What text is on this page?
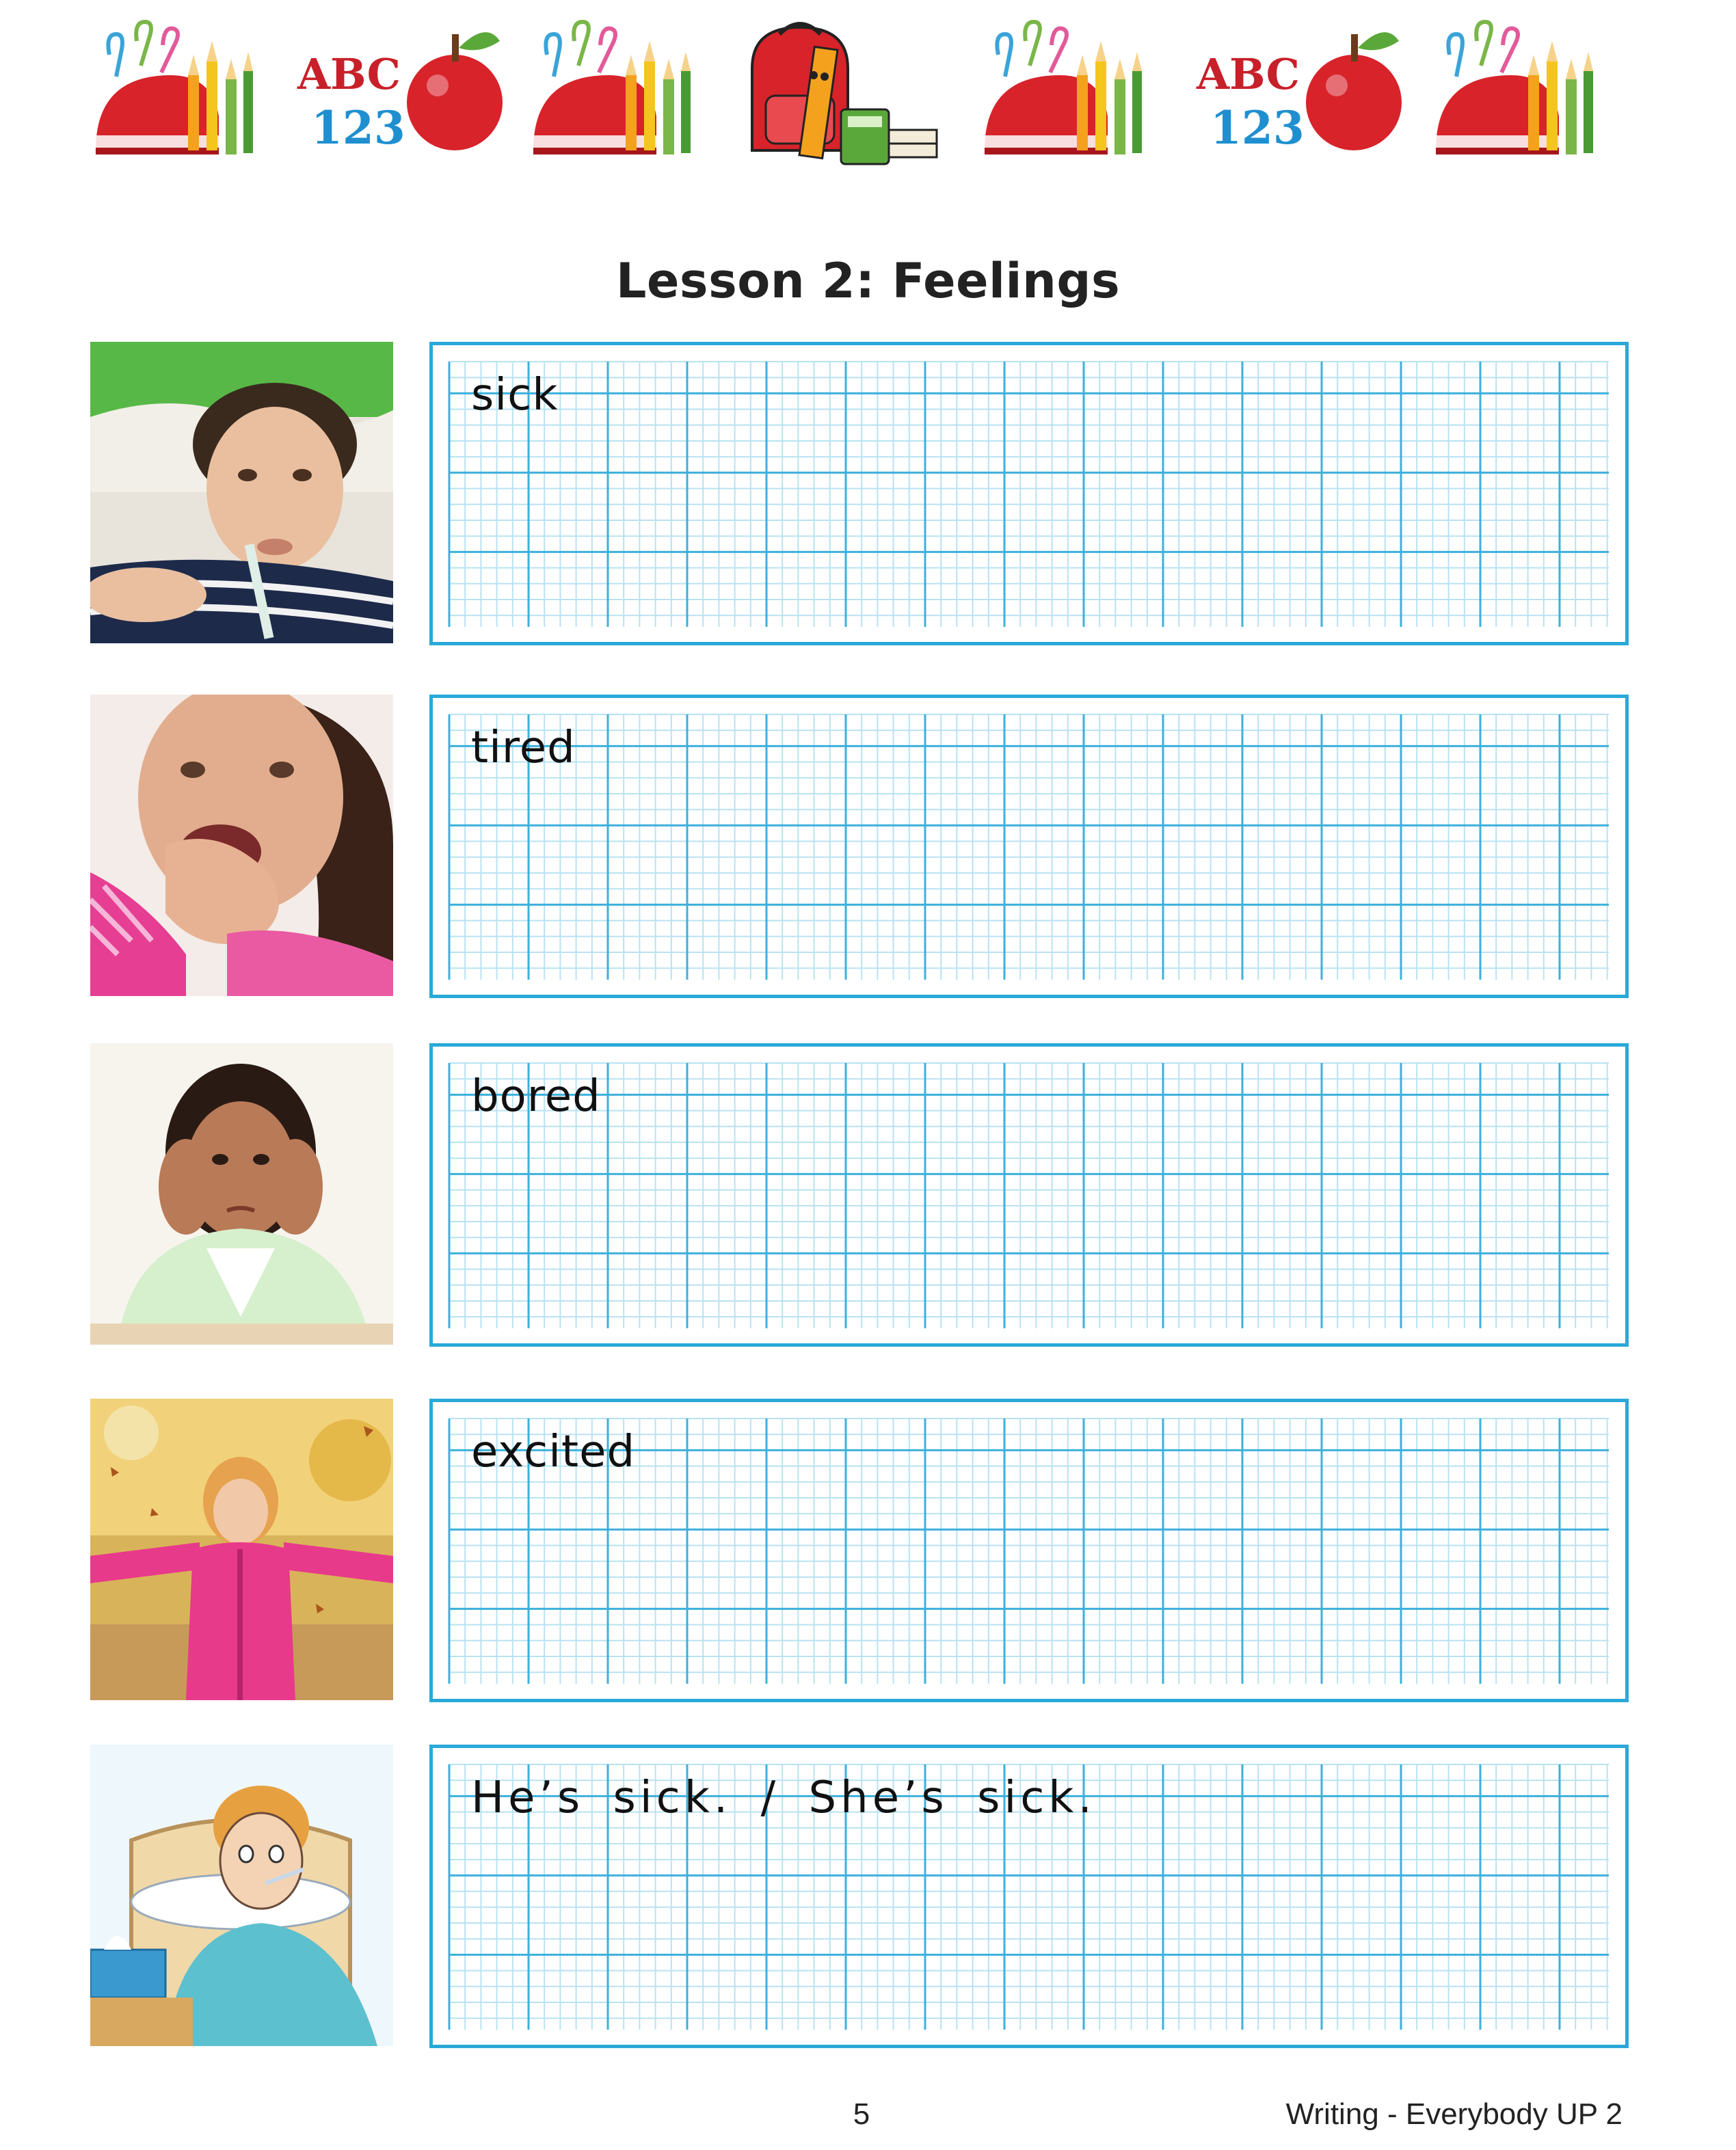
ABC
123
ABC
123
Lesson 2: Feelings
sick
tired
bored
excited
He’s sick. / She’s sick.
5	Writing - Everybody UP 2
